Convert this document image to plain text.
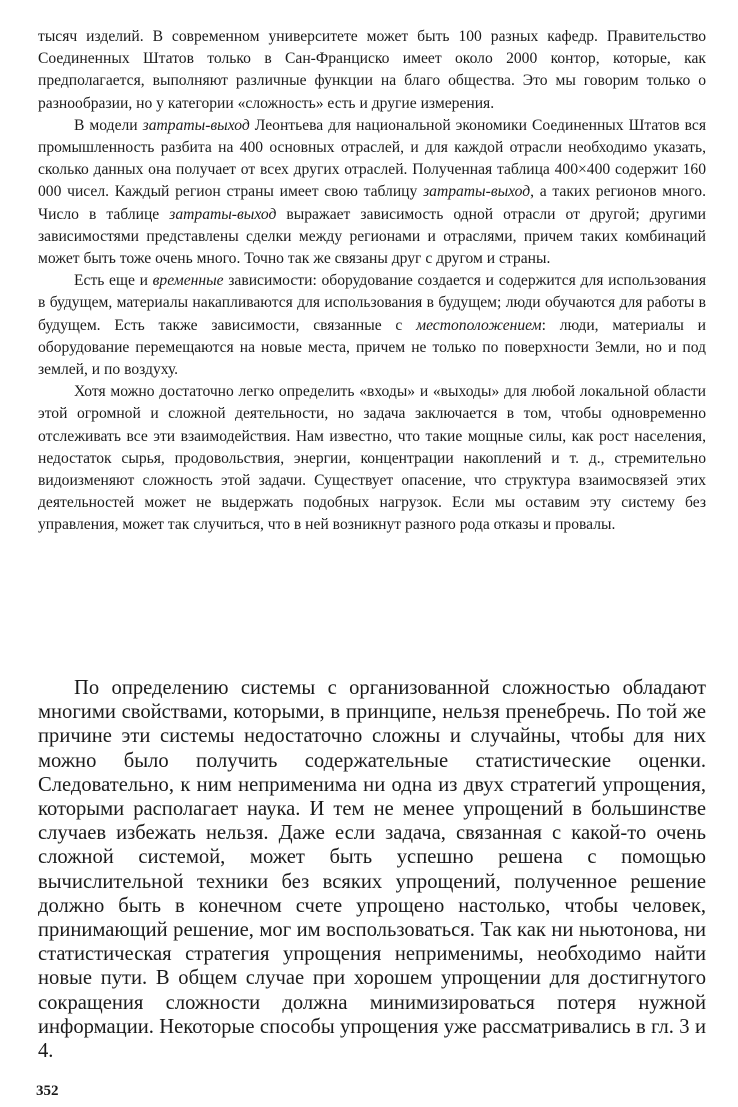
тысяч изделий. В современном университете может быть 100 разных кафедр. Правительство Соединенных Штатов только в Сан-Франциско имеет около 2000 контор, которые, как предполагается, выполняют различные функции на благо общества. Это мы говорим только о разнообразии, но у категории «сложность» есть и другие измерения.

В модели затраты-выход Леонтьева для национальной экономики Соединенных Штатов вся промышленность разбита на 400 основных отраслей, и для каждой отрасли необходимо указать, сколько данных она получает от всех других отраслей. Полученная таблица 400×400 содержит 160 000 чисел. Каждый регион страны имеет свою таблицу затраты-выход, а таких регионов много. Число в таблице затраты-выход выражает зависимость одной отрасли от другой; другими зависимостями представлены сделки между регионами и отраслями, причем таких комбинаций может быть тоже очень много. Точно так же связаны друг с другом и страны.

Есть еще и временные зависимости: оборудование создается и содержится для использования в будущем, материалы накапливаются для использования в будущем; люди обучаются для работы в будущем. Есть также зависимости, связанные с местоположением: люди, материалы и оборудование перемещаются на новые места, причем не только по поверхности Земли, но и под землей, и по воздуху.

Хотя можно достаточно легко определить «входы» и «выходы» для любой локальной области этой огромной и сложной деятельности, но задача заключается в том, чтобы одновременно отслеживать все эти взаимодействия. Нам известно, что такие мощные силы, как рост населения, недостаток сырья, продовольствия, энергии, концентрации накоплений и т. д., стремительно видоизменяют сложность этой задачи. Существует опасение, что структура взаимосвязей этих деятельностей может не выдержать подобных нагрузок. Если мы оставим эту систему без управления, может так случиться, что в ней возникнут разного рода отказы и провалы.

По определению системы с организованной сложностью обладают многими свойствами, которыми, в принципе, нельзя пренебречь. По той же причине эти системы недостаточно сложны и случайны, чтобы для них можно было получить содержательные статистические оценки. Следовательно, к ним неприменима ни одна из двух стратегий упрощения, которыми располагает наука. И тем не менее упрощений в большинстве случаев избежать нельзя. Даже если задача, связанная с какой-то очень сложной системой, может быть успешно решена с помощью вычислительной техники без всяких упрощений, полученное решение должно быть в конечном счете упрощено настолько, чтобы человек, принимающий решение, мог им воспользоваться. Так как ни ньютонова, ни статистическая стратегия упрощения неприменимы, необходимо найти новые пути. В общем случае при хорошем упрощении для достигнутого сокращения сложности должна минимизироваться потеря нужной информации. Некоторые способы упрощения уже рассматривались в гл. 3 и 4.

352
